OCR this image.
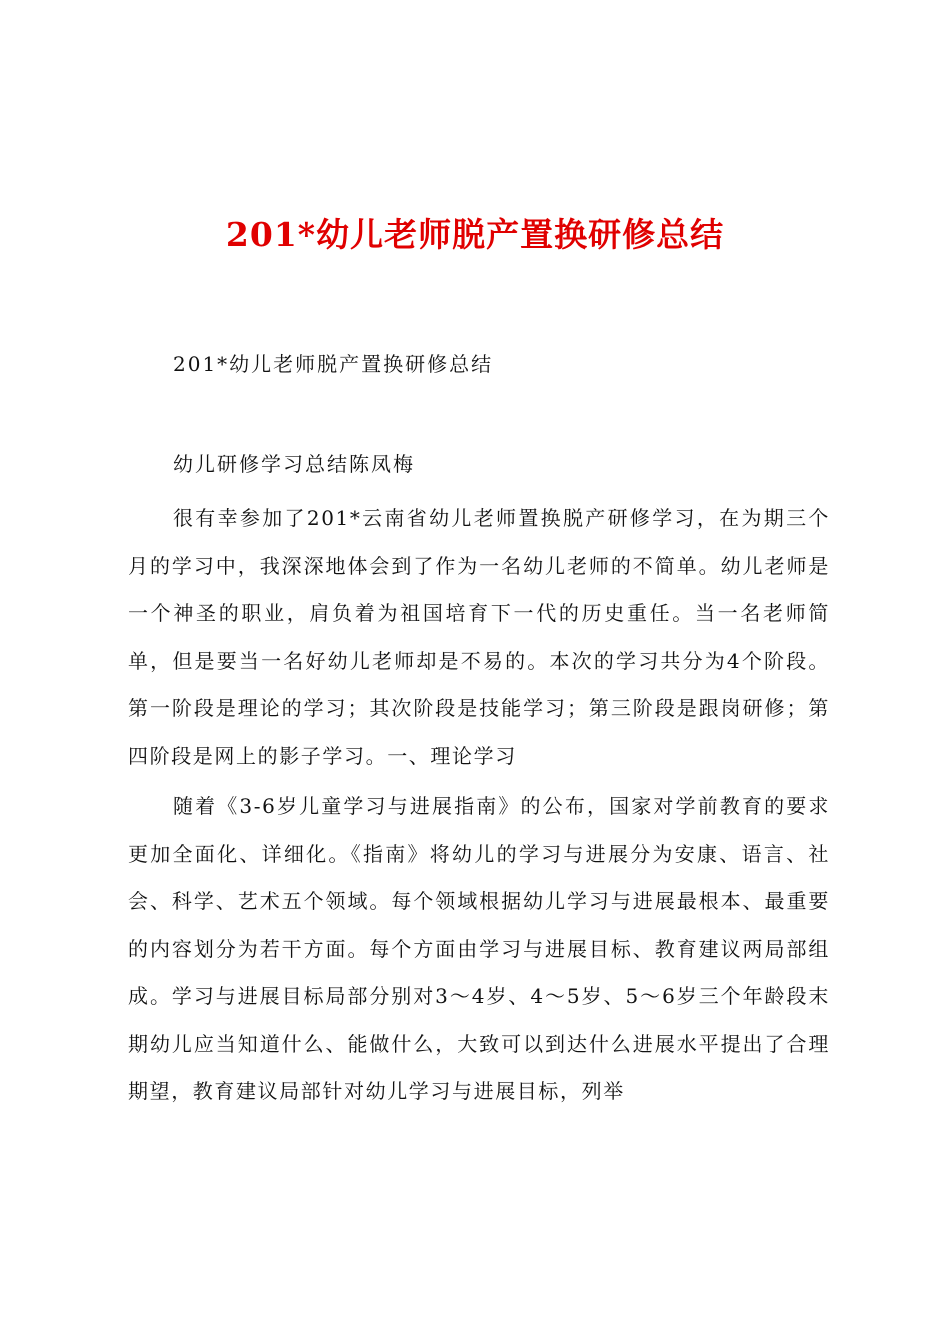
201*幼儿老师脱产置换研修总结
201*幼儿老师脱产置换研修总结
幼儿研修学习总结陈凤梅
很有幸参加了201*云南省幼儿老师置换脱产研修学习，在为期三个月的学习中，我深深地体会到了作为一名幼儿老师的不简单。幼儿老师是一个神圣的职业，肩负着为祖国培育下一代的历史重任。当一名老师简单，但是要当一名好幼儿老师却是不易的。本次的学习共分为4个阶段。第一阶段是理论的学习；其次阶段是技能学习；第三阶段是跟岗研修；第四阶段是网上的影子学习。一、理论学习
随着《3-6岁儿童学习与进展指南》的公布，国家对学前教育的要求更加全面化、详细化。《指南》将幼儿的学习与进展分为安康、语言、社会、科学、艺术五个领域。每个领域根据幼儿学习与进展最根本、最重要的内容划分为若干方面。每个方面由学习与进展目标、教育建议两局部组成。学习与进展目标局部分别对3～4岁、4～5岁、5～6岁三个年龄段末期幼儿应当知道什么、能做什么，大致可以到达什么进展水平提出了合理期望，教育建议局部针对幼儿学习与进展目标，列举
